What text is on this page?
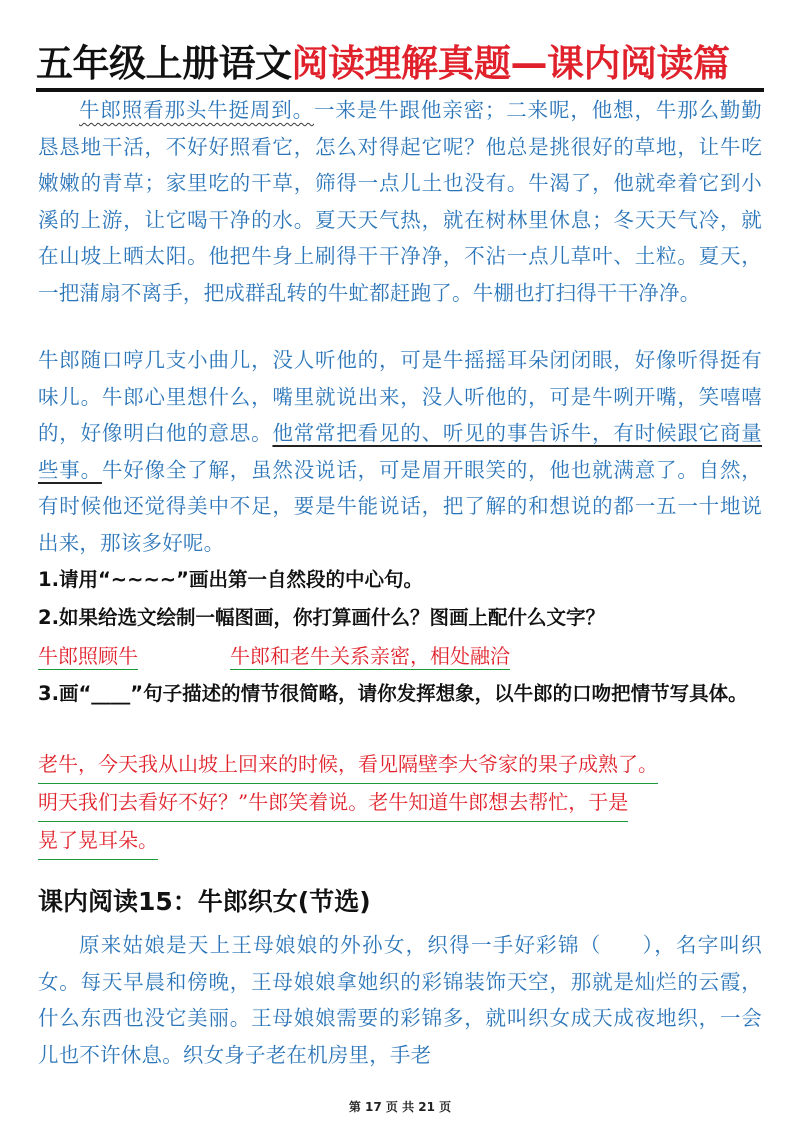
五年级上册语文阅读理解真题—课内阅读篇

牛郎照看那头牛挺周到。一来是牛跟他亲密；二来呢，他想，牛那么勤勤恳恳地干活，不好好照看它，怎么对得起它呢？他总是挑很好的草地，让牛吃嫩嫩的青草；家里吃的干草，筛得一点儿土也没有。牛渴了，他就牵着它到小溪的上游，让它喝干净的水。夏天天气热，就在树林里休息；冬天天气冷，就在山坡上晒太阳。他把牛身上刷得干干净净，不沾一点儿草叶、土粒。夏天，一把蒲扇不离手，把成群乱转的牛虻都赶跑了。牛棚也打扫得干干净净。

牛郎随口哼几支小曲儿，没人听他的，可是牛摇摇耳朵闭闭眼，好像听得挺有味儿。牛郎心里想什么，嘴里就说出来，没人听他的，可是牛咧开嘴，笑嘻嘻的，好像明白他的意思。他常常把看见的、听见的事告诉牛，有时候跟它商量些事。牛好像全了解，虽然没说话，可是眉开眼笑的，他也就满意了。自然，有时候他还觉得美中不足，要是牛能说话，把了解的和想说的都一五一十地说出来，那该多好呢。

1.请用“~~~~”画出第一自然段的中心句。
2.如果给选文绘制一幅图画，你打算画什么？图画上配什么文字？
牛郎照顾牛	牛郎和老牛关系亲密，相处融洽
3.画“____”句子描述的情节很简略，请你发挥想象，以牛郎的口吻把情节写具体。
老牛，今天我从山坡上回来的时候，看见隔壁李大爷家的果子成熟了。
明天我们去看好不好？”牛郎笑着说。老牛知道牛郎想去帮忙，于是
晃了晃耳朵。
课内阅读15：牛郎织女(节选)

原来姑娘是天上王母娘娘的外孙女，织得一手好彩锦（ ），名字叫织女。每天早晨和傍晚，王母娘娘拿她织的彩锦装饰天空，那就是灿烂的云霞，什么东西也没它美丽。王母娘娘需要的彩锦多，就叫织女成天成夜地织，一会儿也不许休息。织女身子老在机房里，手老

第 17 页 共 21 页
